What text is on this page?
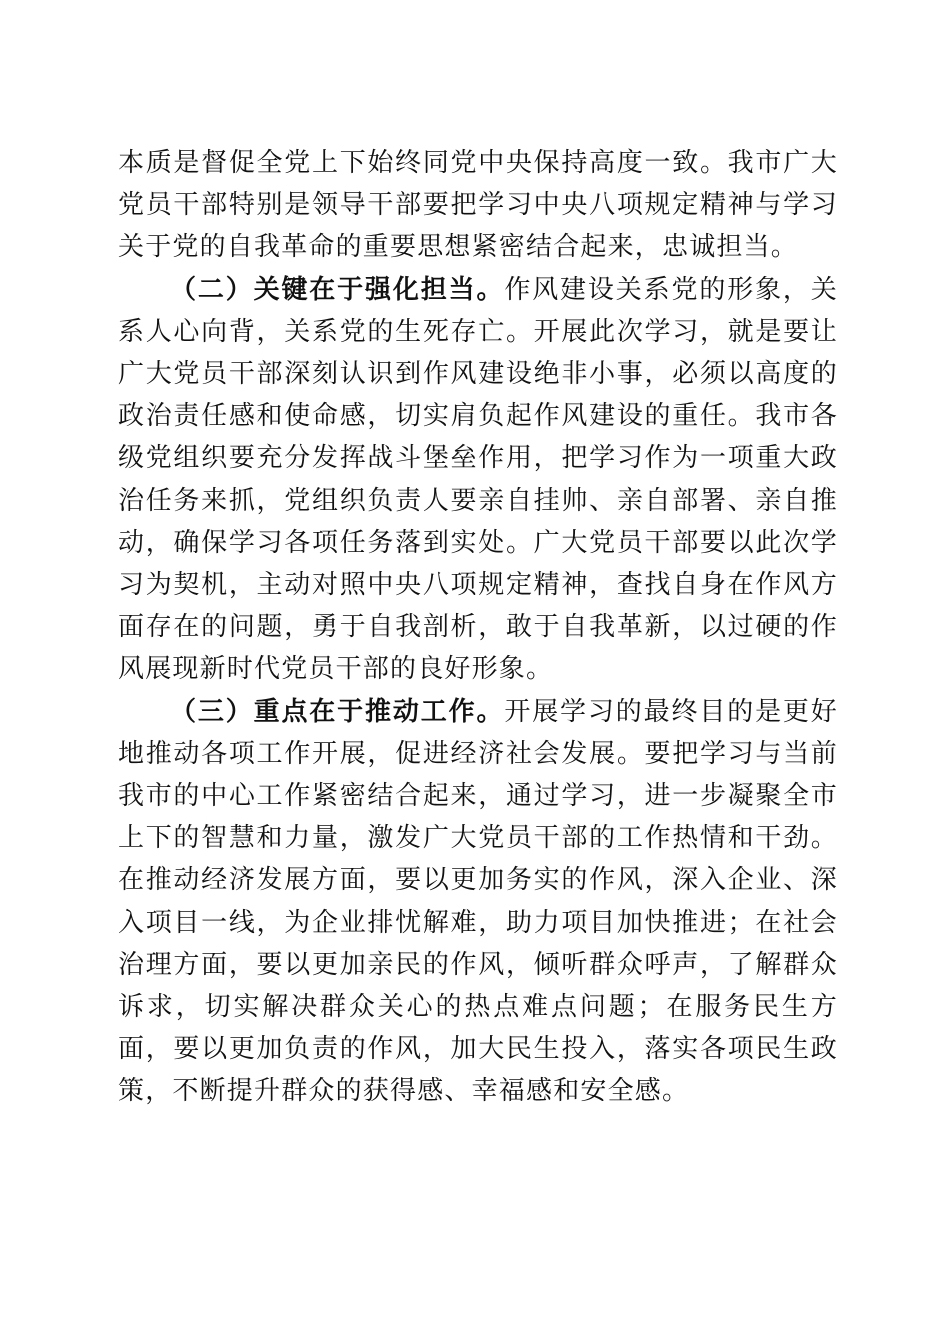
本质是督促全党上下始终同党中央保持高度一致。我市广大党员干部特别是领导干部要把学习中央八项规定精神与学习关于党的自我革命的重要思想紧密结合起来，忠诚担当。

（二）关键在于强化担当。作风建设关系党的形象，关系人心向背，关系党的生死存亡。开展此次学习，就是要让广大党员干部深刻认识到作风建设绝非小事，必须以高度的政治责任感和使命感，切实肩负起作风建设的重任。我市各级党组织要充分发挥战斗堡垒作用，把学习作为一项重大政治任务来抓，党组织负责人要亲自挂帅、亲自部署、亲自推动，确保学习各项任务落到实处。广大党员干部要以此次学习为契机，主动对照中央八项规定精神，查找自身在作风方面存在的问题，勇于自我剖析，敢于自我革新，以过硬的作风展现新时代党员干部的良好形象。

（三）重点在于推动工作。开展学习的最终目的是更好地推动各项工作开展，促进经济社会发展。要把学习与当前我市的中心工作紧密结合起来，通过学习，进一步凝聚全市上下的智慧和力量，激发广大党员干部的工作热情和干劲。在推动经济发展方面，要以更加务实的作风，深入企业、深入项目一线，为企业排忧解难，助力项目加快推进；在社会治理方面，要以更加亲民的作风，倾听群众呼声，了解群众诉求，切实解决群众关心的热点难点问题；在服务民生方面，要以更加负责的作风，加大民生投入，落实各项民生政策，不断提升群众的获得感、幸福感和安全感。
